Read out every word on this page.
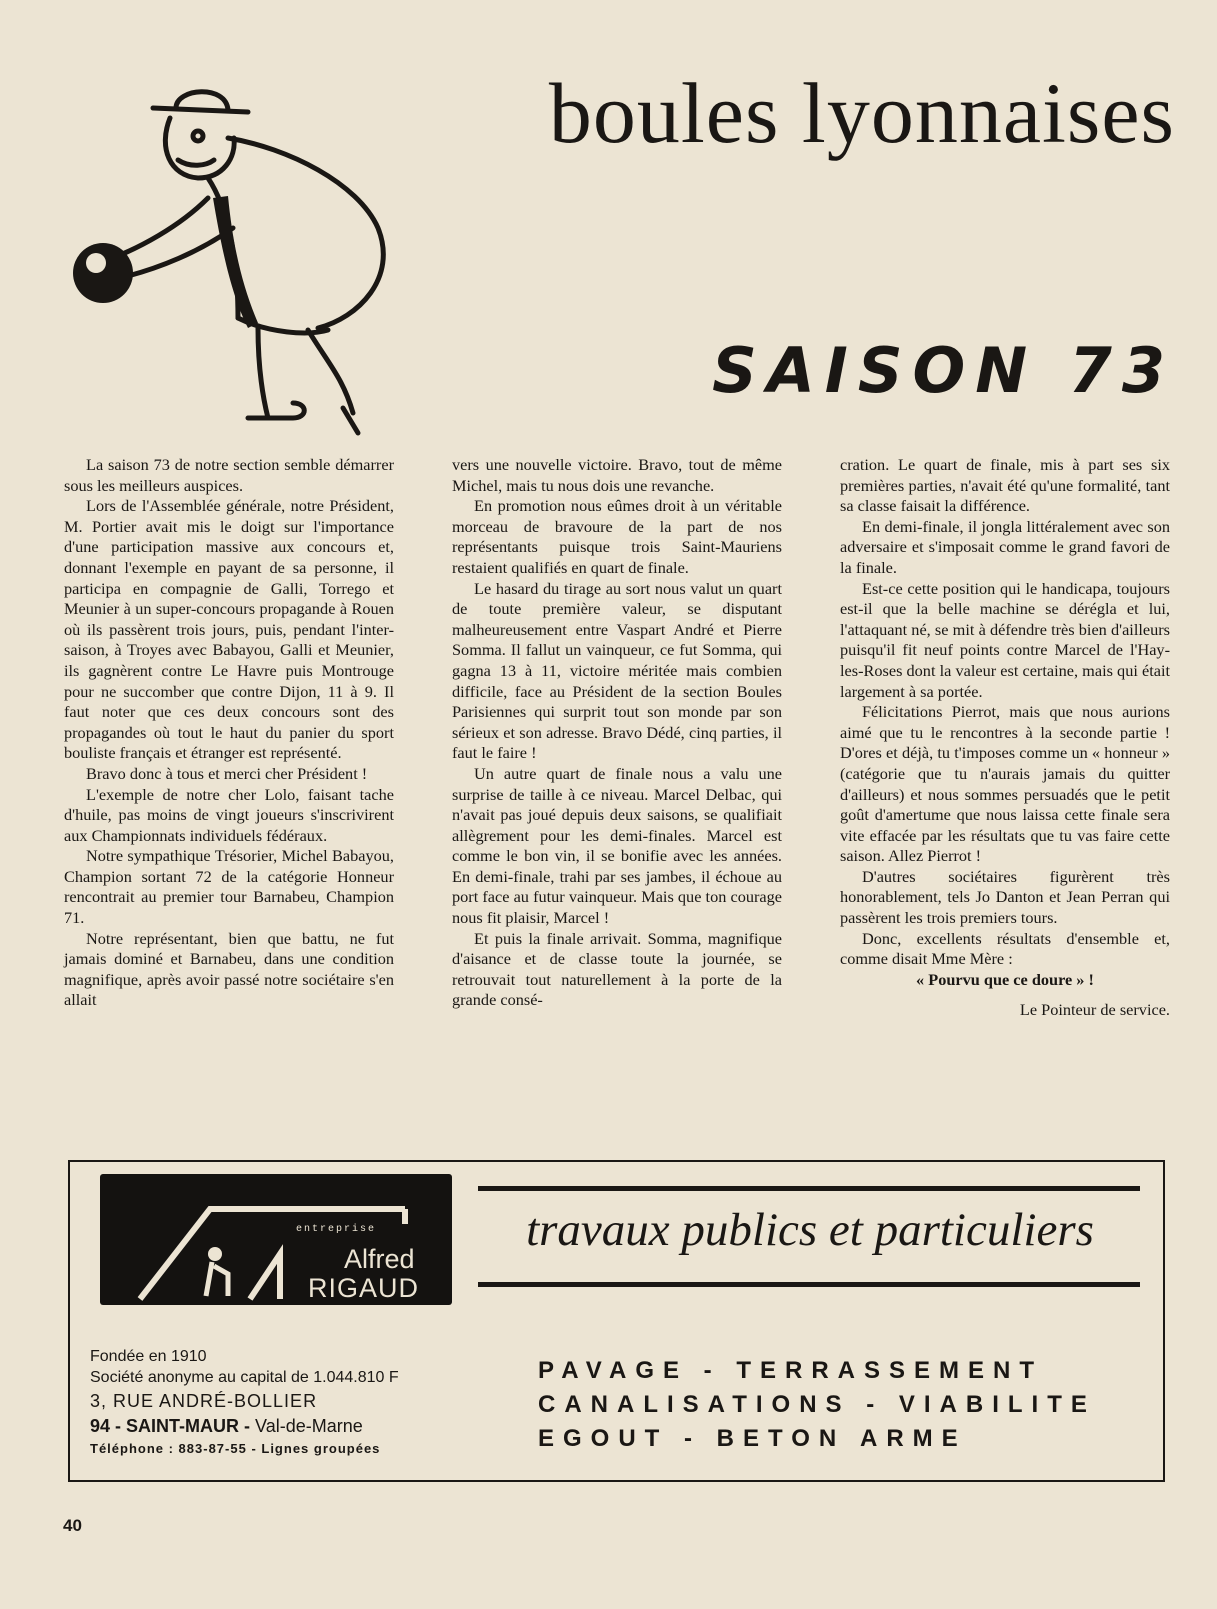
boules lyonnaises
SAISON 73

La saison 73 de notre section semble démarrer sous les meilleurs auspices.

Lors de l'Assemblée générale, notre Président, M. Portier avait mis le doigt sur l'importance d'une participation massive aux concours et, donnant l'exemple en payant de sa personne, il participa en compagnie de Galli, Torrego et Meunier à un super-concours propagande à Rouen où ils passèrent trois jours, puis, pendant l'inter-saison, à Troyes avec Babayou, Galli et Meunier, ils gagnèrent contre Le Havre puis Montrouge pour ne succomber que contre Dijon, 11 à 9. Il faut noter que ces deux concours sont des propagandes où tout le haut du panier du sport bouliste français et étranger est représenté.

Bravo donc à tous et merci cher Président !

L'exemple de notre cher Lolo, faisant tache d'huile, pas moins de vingt joueurs s'inscrivirent aux Championnats individuels fédéraux.

Notre sympathique Trésorier, Michel Babayou, Champion sortant 72 de la catégorie Honneur rencontrait au premier tour Barnabeu, Champion 71.

Notre représentant, bien que battu, ne fut jamais dominé et Barnabeu, dans une condition magnifique, après avoir passé notre sociétaire s'en allait

vers une nouvelle victoire. Bravo, tout de même Michel, mais tu nous dois une revanche.

En promotion nous eûmes droit à un véritable morceau de bravoure de la part de nos représentants puisque trois Saint-Mauriens restaient qualifiés en quart de finale.

Le hasard du tirage au sort nous valut un quart de toute première valeur, se disputant malheureusement entre Vaspart André et Pierre Somma. Il fallut un vainqueur, ce fut Somma, qui gagna 13 à 11, victoire méritée mais combien difficile, face au Président de la section Boules Parisiennes qui surprit tout son monde par son sérieux et son adresse. Bravo Dédé, cinq parties, il faut le faire !

Un autre quart de finale nous a valu une surprise de taille à ce niveau. Marcel Delbac, qui n'avait pas joué depuis deux saisons, se qualifiait allègrement pour les demi-finales. Marcel est comme le bon vin, il se bonifie avec les années. En demi-finale, trahi par ses jambes, il échoue au port face au futur vainqueur. Mais que ton courage nous fit plaisir, Marcel !

Et puis la finale arrivait. Somma, magnifique d'aisance et de classe toute la journée, se retrouvait tout naturellement à la porte de la grande consé-

cration. Le quart de finale, mis à part ses six premières parties, n'avait été qu'une formalité, tant sa classe faisait la différence.

En demi-finale, il jongla littéralement avec son adversaire et s'imposait comme le grand favori de la finale.

Est-ce cette position qui le handicapa, toujours est-il que la belle machine se dérégla et lui, l'attaquant né, se mit à défendre très bien d'ailleurs puisqu'il fit neuf points contre Marcel de l'Hay-les-Roses dont la valeur est certaine, mais qui était largement à sa portée.

Félicitations Pierrot, mais que nous aurions aimé que tu le rencontres à la seconde partie ! D'ores et déjà, tu t'imposes comme un « honneur » (catégorie que tu n'aurais jamais du quitter d'ailleurs) et nous sommes persuadés que le petit goût d'amertume que nous laissa cette finale sera vite effacée par les résultats que tu vas faire cette saison. Allez Pierrot !

D'autres sociétaires figurèrent très honorablement, tels Jo Danton et Jean Perran qui passèrent les trois premiers tours.

Donc, excellents résultats d'ensemble et, comme disait Mme Mère :

« Pourvu que ce doure » !

Le Pointeur de service.

entreprise
Alfred
RIGAUD

travaux publics et particuliers

Fondée en 1910
Société anonyme au capital de 1.044.810 F
3, RUE ANDRÉ-BOLLIER
94 - SAINT-MAUR - Val-de-Marne
Téléphone : 883-87-55 - Lignes groupées
PAVAGE - TERRASSEMENT
CANALISATIONS - VIABILITE
EGOUT - BETON ARME
40
